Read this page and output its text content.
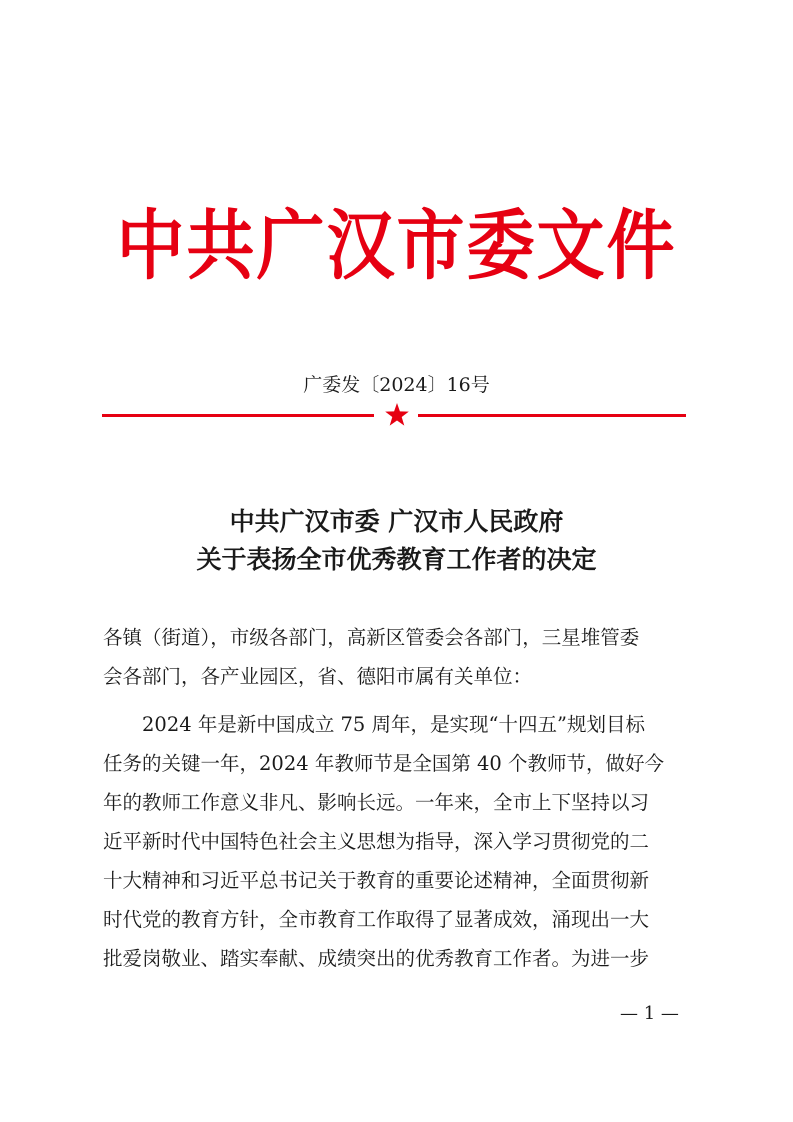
中共广汉市委文件
广委发〔2024〕16号
中共广汉市委 广汉市人民政府
关于表扬全市优秀教育工作者的决定
各镇（街道），市级各部门，高新区管委会各部门，三星堆管委
会各部门，各产业园区，省、德阳市属有关单位：
　　2024 年是新中国成立 75 周年，是实现“十四五”规划目标
任务的关键一年，2024 年教师节是全国第 40 个教师节，做好今
年的教师工作意义非凡、影响长远。一年来，全市上下坚持以习
近平新时代中国特色社会主义思想为指导，深入学习贯彻党的二
十大精神和习近平总书记关于教育的重要论述精神，全面贯彻新
时代党的教育方针，全市教育工作取得了显著成效，涌现出一大
批爱岗敬业、踏实奉献、成绩突出的优秀教育工作者。为进一步
— 1 —
